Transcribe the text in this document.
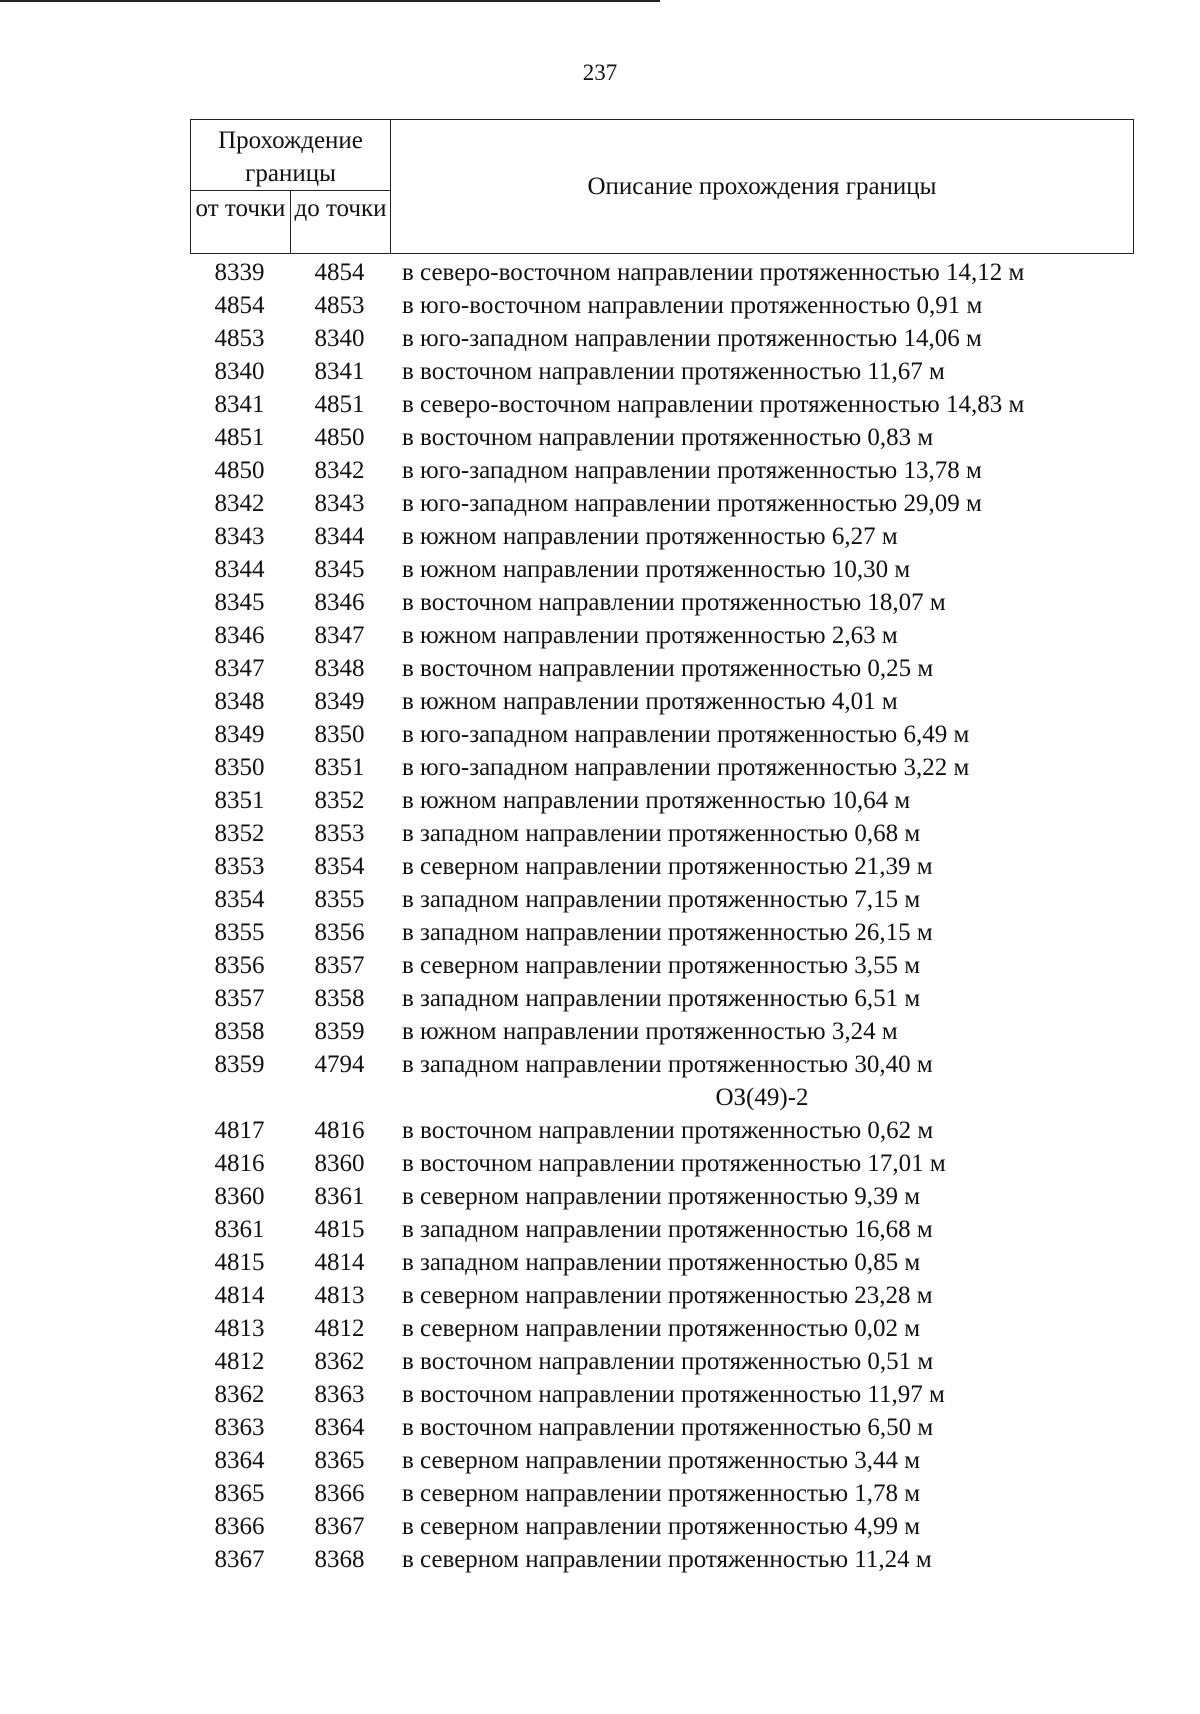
237
Прохождение границы
от точки до точки
Описание прохождения границы
8339	4854	в северо-восточном направлении протяженностью 14,12 м
4854	4853	в юго-восточном направлении протяженностью 0,91 м
4853	8340	в юго-западном направлении протяженностью 14,06 м
8340	8341	в восточном направлении протяженностью 11,67 м
8341	4851	в северо-восточном направлении протяженностью 14,83 м
4851	4850	в восточном направлении протяженностью 0,83 м
4850	8342	в юго-западном направлении протяженностью 13,78 м
8342	8343	в юго-западном направлении протяженностью 29,09 м
8343	8344	в южном направлении протяженностью 6,27 м
8344	8345	в южном направлении протяженностью 10,30 м
8345	8346	в восточном направлении протяженностью 18,07 м
8346	8347	в южном направлении протяженностью 2,63 м
8347	8348	в восточном направлении протяженностью 0,25 м
8348	8349	в южном направлении протяженностью 4,01 м
8349	8350	в юго-западном направлении протяженностью 6,49 м
8350	8351	в юго-западном направлении протяженностью 3,22 м
8351	8352	в южном направлении протяженностью 10,64 м
8352	8353	в западном направлении протяженностью 0,68 м
8353	8354	в северном направлении протяженностью 21,39 м
8354	8355	в западном направлении протяженностью 7,15 м
8355	8356	в западном направлении протяженностью 26,15 м
8356	8357	в северном направлении протяженностью 3,55 м
8357	8358	в западном направлении протяженностью 6,51 м
8358	8359	в южном направлении протяженностью 3,24 м
8359	4794	в западном направлении протяженностью 30,40 м
ОЗ(49)-2
4817	4816	в восточном направлении протяженностью 0,62 м
4816	8360	в восточном направлении протяженностью 17,01 м
8360	8361	в северном направлении протяженностью 9,39 м
8361	4815	в западном направлении протяженностью 16,68 м
4815	4814	в западном направлении протяженностью 0,85 м
4814	4813	в северном направлении протяженностью 23,28 м
4813	4812	в северном направлении протяженностью 0,02 м
4812	8362	в восточном направлении протяженностью 0,51 м
8362	8363	в восточном направлении протяженностью 11,97 м
8363	8364	в восточном направлении протяженностью 6,50 м
8364	8365	в северном направлении протяженностью 3,44 м
8365	8366	в северном направлении протяженностью 1,78 м
8366	8367	в северном направлении протяженностью 4,99 м
8367	8368	в северном направлении протяженностью 11,24 м
